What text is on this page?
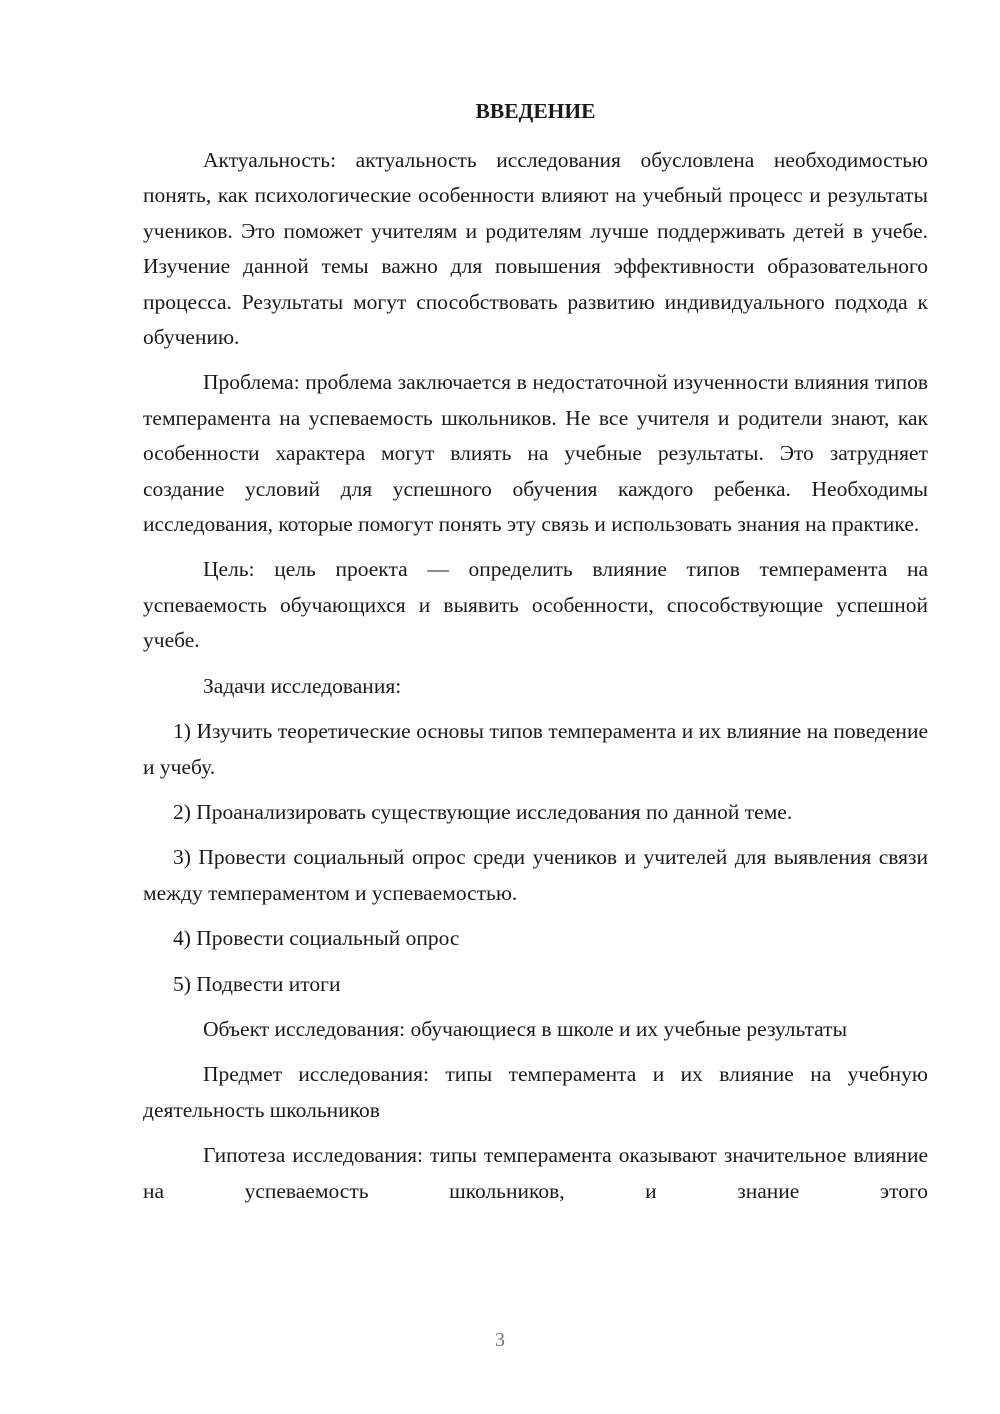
ВВЕДЕНИЕ

Актуальность: актуальность исследования обусловлена необходимостью понять, как психологические особенности влияют на учебный процесс и результаты учеников. Это поможет учителям и родителям лучше поддерживать детей в учебе. Изучение данной темы важно для повышения эффективности образовательного процесса. Результаты могут способствовать развитию индивидуального подхода к обучению.

Проблема: проблема заключается в недостаточной изученности влияния типов темперамента на успеваемость школьников. Не все учителя и родители знают, как особенности характера могут влиять на учебные результаты. Это затрудняет создание условий для успешного обучения каждого ребенка. Необходимы исследования, которые помогут понять эту связь и использовать знания на практике.

Цель: цель проекта — определить влияние типов темперамента на успеваемость обучающихся и выявить особенности, способствующие успешной учебе.

Задачи исследования:

1) Изучить теоретические основы типов темперамента и их влияние на поведение и учебу.

2) Проанализировать существующие исследования по данной теме.

3) Провести социальный опрос среди учеников и учителей для выявления связи между темпераментом и успеваемостью.

4) Провести социальный опрос

5) Подвести итоги

Объект исследования: обучающиеся в школе и их учебные результаты

Предмет исследования: типы темперамента и их влияние на учебную деятельность школьников

Гипотеза исследования: типы темперамента оказывают значительное влияние на успеваемость школьников, и знание этого

3
